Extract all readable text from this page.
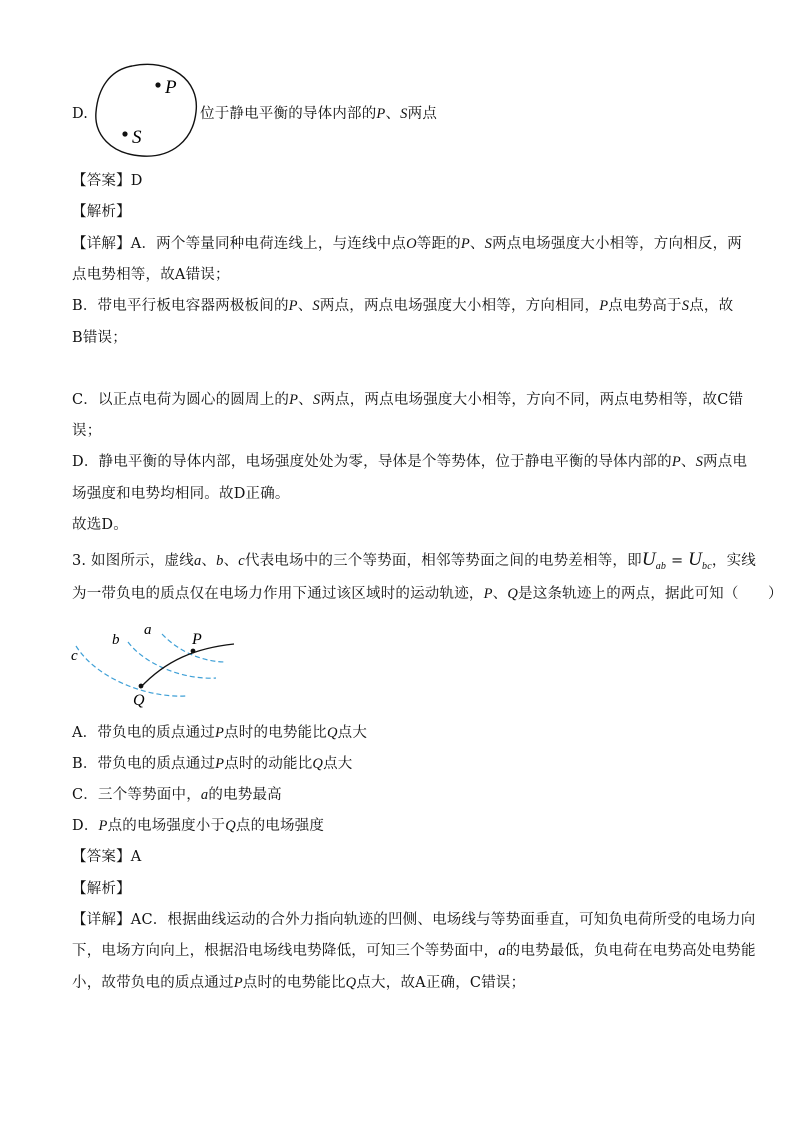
D.
P
S
位于静电平衡的导体内部的P、S两点
【答案】D
【解析】
【详解】A．两个等量同种电荷连线上，与连线中点O等距的P、S两点电场强度大小相等，方向相反，两
点电势相等，故A错误；
B．带电平行板电容器两极板间的P、S两点，两点电场强度大小相等，方向相同，P点电势高于S点，故
B错误；
C．以正点电荷为圆心的圆周上的P、S两点，两点电场强度大小相等，方向不同，两点电势相等，故C错
误；
D．静电平衡的导体内部，电场强度处处为零，导体是个等势体，位于静电平衡的导体内部的P、S两点电
场强度和电势均相同。故D正确。
故选D。
3. 如图所示，虚线a、b、c代表电场中的三个等势面，相邻等势面之间的电势差相等，即$U_{ab} = U_{bc}$，实线
为一带负电的质点仅在电场力作用下通过该区域时的运动轨迹，P、Q是这条轨迹上的两点，据此可知（　　）
a
b
c
P
Q
A．带负电的质点通过P点时的电势能比Q点大
B．带负电的质点通过P点时的动能比Q点大
C．三个等势面中，a的电势最高
D．P点的电场强度小于Q点的电场强度
【答案】A
【解析】
【详解】AC．根据曲线运动的合外力指向轨迹的凹侧、电场线与等势面垂直，可知负电荷所受的电场力向
下，电场方向向上，根据沿电场线电势降低，可知三个等势面中，a的电势最低，负电荷在电势高处电势能
小，故带负电的质点通过P点时的电势能比Q点大，故A正确，C错误；
